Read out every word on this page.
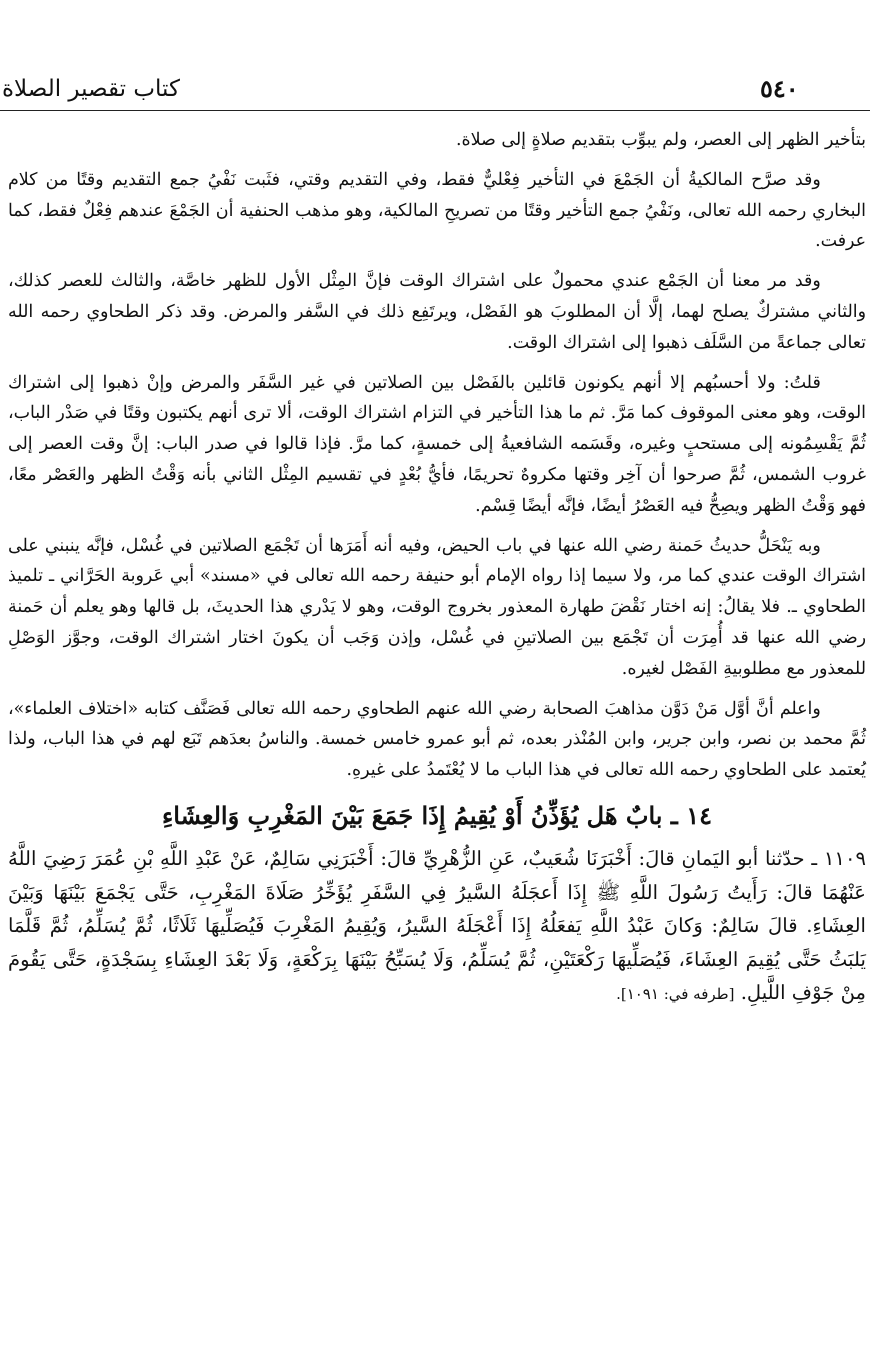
٥٤٠
كتاب تقصير الصلاة

بتأخير الظهر إلى العصر، ولم يبوِّب بتقديم صلاةٍ إلى صلاة.

وقد صرَّح المالكيةُ أن الجَمْعَ في التأخير فِعْليٌّ فقط، وفي التقديم وقتي، فثَبت نَفْيُ جمع التقديم وقتًا من كلام البخاري رحمه الله تعالى، ونَفْيُ جمع التأخير وقتًا من تصريحِ المالكية، وهو مذهب الحنفية أن الجَمْعَ عندهم فِعْلٌ فقط، كما عرفت.

وقد مر معنا أن الجَمْع عندي محمولٌ على اشتراك الوقت فإنَّ المِثْل الأول للظهر خاصَّة، والثالث للعصر كذلك، والثاني مشتركٌ يصلح لهما، إلَّا أن المطلوبَ هو الفَصْل، ويرتَفِع ذلك في السَّفر والمرض. وقد ذكر الطحاوي رحمه الله تعالى جماعةً من السَّلَف ذهبوا إلى اشتراك الوقت.

قلتُ: ولا أحسبُهم إلا أنهم يكونون قائلين بالفَصْل بين الصلاتين في غير السَّفَر والمرض وإنْ ذهبوا إلى اشتراك الوقت، وهو معنى الموقوف كما مَرَّ. ثم ما هذا التأخير في التزام اشتراك الوقت، ألا ترى أنهم يكتبون وقتًا في صَدْر الباب، ثُمَّ يَقْسِمُونه إلى مستحبٍ وغيره، وقَسَمه الشافعيةُ إلى خمسةٍ، كما مرَّ. فإذا قالوا في صدر الباب: إنَّ وقت العصر إلى غروب الشمس، ثُمَّ صرحوا أن آخِر وقتها مكروهٌ تحريمًا، فأيُّ بُعْدٍ في تقسيم المِثْل الثاني بأنه وَقْتُ الظهر والعَصْر معًا، فهو وَقْتُ الظهر ويصِحُّ فيه العَصْرُ أيضًا، فإنَّه أيضًا قِسْم.

وبه يَنْحَلُّ حديثُ حَمنة رضي الله عنها في باب الحيض، وفيه أنه أَمَرَها أن تَجْمَع الصلاتين في غُسْل، فإنَّه ينبني على اشتراك الوقت عندي كما مر، ولا سيما إذا رواه الإمام أبو حنيفة رحمه الله تعالى في «مسند» أبي عَروبة الحَرَّاني ـ تلميذ الطحاوي ـ. فلا يقالُ: إنه اختار نَقْضَ طهارة المعذور بخروج الوقت، وهو لا يَدْري هذا الحديثَ، بل قالها وهو يعلم أن حَمنة رضي الله عنها قد أُمِرَت أن تَجْمَع بين الصلاتينِ في غُسْل، وإذن وَجَب أن يكونَ اختار اشتراك الوقت، وجوَّز الوَصْلِ للمعذور مع مطلوبيةِ الفَصْل لغيره.

واعلم أنَّ أوَّل مَنْ دَوَّن مذاهبَ الصحابة رضي الله عنهم الطحاوي رحمه الله تعالى فَصَنَّف كتابه «اختلاف العلماء»، ثُمَّ محمد بن نصر، وابن جرير، وابن المُنْذر بعده، ثم أبو عمرو خامس خمسة. والناسُ بعدَهم تَبَع لهم في هذا الباب، ولذا يُعتمد على الطحاوي رحمه الله تعالى في هذا الباب ما لا يُعْتَمدُ على غيرهِ.

١٤ ـ بابٌ هَل يُؤَذِّنُ أَوْ يُقِيمُ إِذَا جَمَعَ بَيْنَ المَغْرِبِ وَالعِشَاءِ

١١٠٩ ـ حدّثنا أبو اليَمانِ قالَ: أَخْبَرَنَا شُعَيبٌ، عَنِ الزُّهْرِيِّ قالَ: أَخْبَرَنِي سَالِمٌ، عَنْ عَبْدِ اللَّهِ بْنِ عُمَرَ رَضِيَ اللَّهُ عَنْهُمَا قالَ: رَأَيتُ رَسُولَ اللَّهِ ﷺ إِذَا أَعجَلَهُ السَّيرُ فِي السَّفَرِ يُؤَخِّرُ صَلَاةَ المَغْرِبِ، حَتَّى يَجْمَعَ بَيْنَهَا وَبَيْنَ العِشَاءِ. قالَ سَالِمٌ: وَكانَ عَبْدُ اللَّهِ يَفعَلُهُ إِذَا أَعْجَلَهُ السَّيرُ، وَيُقِيمُ المَغْرِبَ فَيُصَلِّيهَا ثَلَاثًا، ثُمَّ يُسَلِّمُ، ثُمَّ قَلَّمَا يَلبَثُ حَتَّى يُقِيمَ العِشَاءَ، فَيُصَلِّيهَا رَكْعَتَيْنِ، ثُمَّ يُسَلِّمُ، وَلَا يُسَبِّحُ بَيْنَهَا بِرَكْعَةٍ، وَلَا بَعْدَ العِشَاءِ بِسَجْدَةٍ، حَتَّى يَقُومَ مِنْ جَوْفِ اللَّيلِ. [طرفه في: ١٠٩١].
